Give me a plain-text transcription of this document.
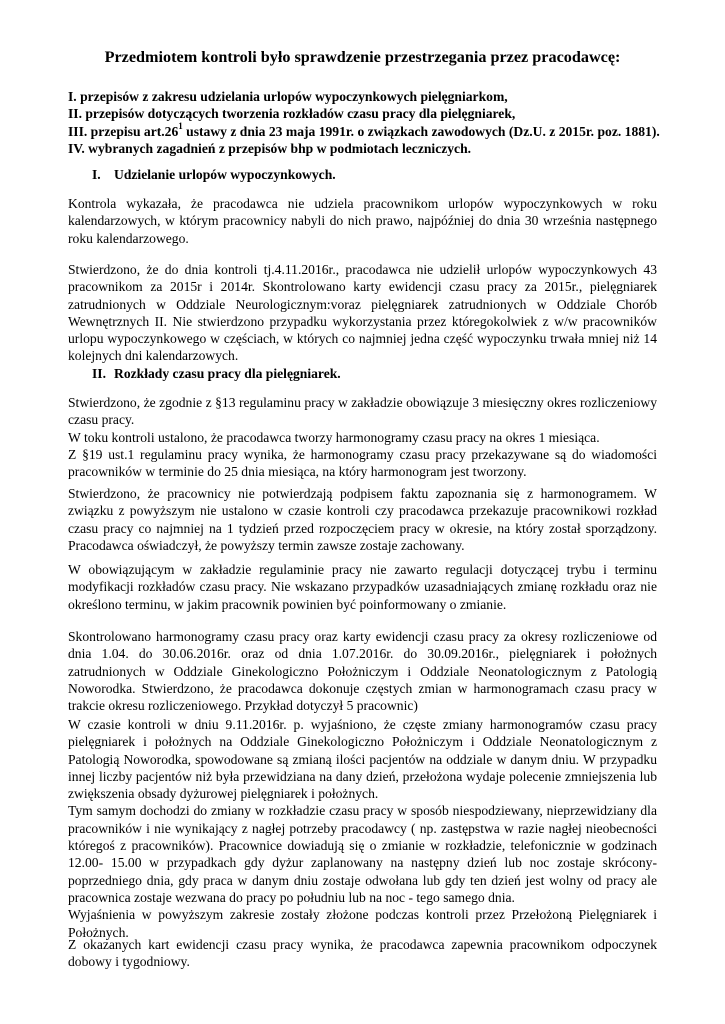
Przedmiotem kontroli było sprawdzenie przestrzegania przez pracodawcę:
I. przepisów z zakresu udzielania urlopów wypoczynkowych pielęgniarkom,
II. przepisów dotyczących tworzenia rozkładów czasu pracy dla pielęgniarek,
III. przepisu $art.26^1$ ustawy z dnia 23 maja 1991r. o związkach zawodowych (Dz.U. z 2015r. poz. 1881).
IV. wybranych zagadnień z przepisów bhp w podmiotach leczniczych.
I. Udzielanie urlopów wypoczynkowych.
Kontrola wykazała, że pracodawca nie udziela pracownikom urlopów wypoczynkowych w roku kalendarzowych, w którym pracownicy nabyli do nich prawo, najpóźniej do dnia 30 września następnego roku kalendarzowego.
Stwierdzono, że do dnia kontroli tj.4.11.2016r., pracodawca nie udzielił urlopów wypoczynkowych 43 pracownikom za 2015r i 2014r. Skontrolowano karty ewidencji czasu pracy za 2015r., pielęgniarek zatrudnionych w Oddziale Neurologicznym:voraz pielęgniarek zatrudnionych w Oddziale Chorób Wewnętrznych II. Nie stwierdzono przypadku wykorzystania przez któregokolwiek z w/w pracowników urlopu wypoczynkowego w częściach, w których co najmniej jedna część wypoczynku trwała mniej niż 14 kolejnych dni kalendarzowych.
II. Rozkłady czasu pracy dla pielęgniarek.
Stwierdzono, że zgodnie z §13 regulaminu pracy w zakładzie obowiązuje 3 miesięczny okres rozliczeniowy czasu pracy.
W toku kontroli ustalono, że pracodawca tworzy harmonogramy czasu pracy na okres 1 miesiąca.
Z §19 ust.1 regulaminu pracy wynika, że harmonogramy czasu pracy przekazywane są do wiadomości pracowników w terminie do 25 dnia miesiąca, na który harmonogram jest tworzony.
Stwierdzono, że pracownicy nie potwierdzają podpisem faktu zapoznania się z harmonogramem. W związku z powyższym nie ustalono w czasie kontroli czy pracodawca przekazuje pracownikowi rozkład czasu pracy co najmniej na 1 tydzień przed rozpoczęciem pracy w okresie, na który został sporządzony. Pracodawca oświadczył, że powyższy termin zawsze zostaje zachowany.
W obowiązującym w zakładzie regulaminie pracy nie zawarto regulacji dotyczącej trybu i terminu modyfikacji rozkładów czasu pracy. Nie wskazano przypadków uzasadniających zmianę rozkładu oraz nie określono terminu, w jakim pracownik powinien być poinformowany o zmianie.
Skontrolowano harmonogramy czasu pracy oraz karty ewidencji czasu pracy za okresy rozliczeniowe od dnia 1.04. do 30.06.2016r. oraz od dnia 1.07.2016r. do 30.09.2016r., pielęgniarek i położnych zatrudnionych w Oddziale Ginekologiczno Położniczym i Oddziale Neonatologicznym z Patologią Noworodka. Stwierdzono, że pracodawca dokonuje częstych zmian w harmonogramach czasu pracy w trakcie okresu rozliczeniowego. Przykład dotyczył 5 pracownic)
W czasie kontroli w dniu 9.11.2016r. p. wyjaśniono, że częste zmiany harmonogramów czasu pracy pielęgniarek i położnych na Oddziale Ginekologiczno Położniczym i Oddziale Neonatologicznym z Patologią Noworodka, spowodowane są zmianą ilości pacjentów na oddziale w danym dniu. W przypadku innej liczby pacjentów niż była przewidziana na dany dzień, przełożona wydaje polecenie zmniejszenia lub zwiększenia obsady dyżurowej pielęgniarek i położnych.
Tym samym dochodzi do zmiany w rozkładzie czasu pracy w sposób niespodziewany, nieprzewidziany dla pracowników i nie wynikający z nagłej potrzeby pracodawcy ( np. zastępstwa w razie nagłej nieobecności któregoś z pracowników). Pracownice dowiadują się o zmianie w rozkładzie, telefonicznie w godzinach 12.00- 15.00 w przypadkach gdy dyżur zaplanowany na następny dzień lub noc zostaje skrócony- poprzedniego dnia, gdy praca w danym dniu zostaje odwołana lub gdy ten dzień jest wolny od pracy ale pracownica zostaje wezwana do pracy po południu lub na noc - tego samego dnia.
Wyjaśnienia w powyższym zakresie zostały złożone podczas kontroli przez Przełożoną Pielęgniarek i Położnych.
Z okazanych kart ewidencji czasu pracy wynika, że pracodawca zapewnia pracownikom odpoczynek dobowy i tygodniowy.
